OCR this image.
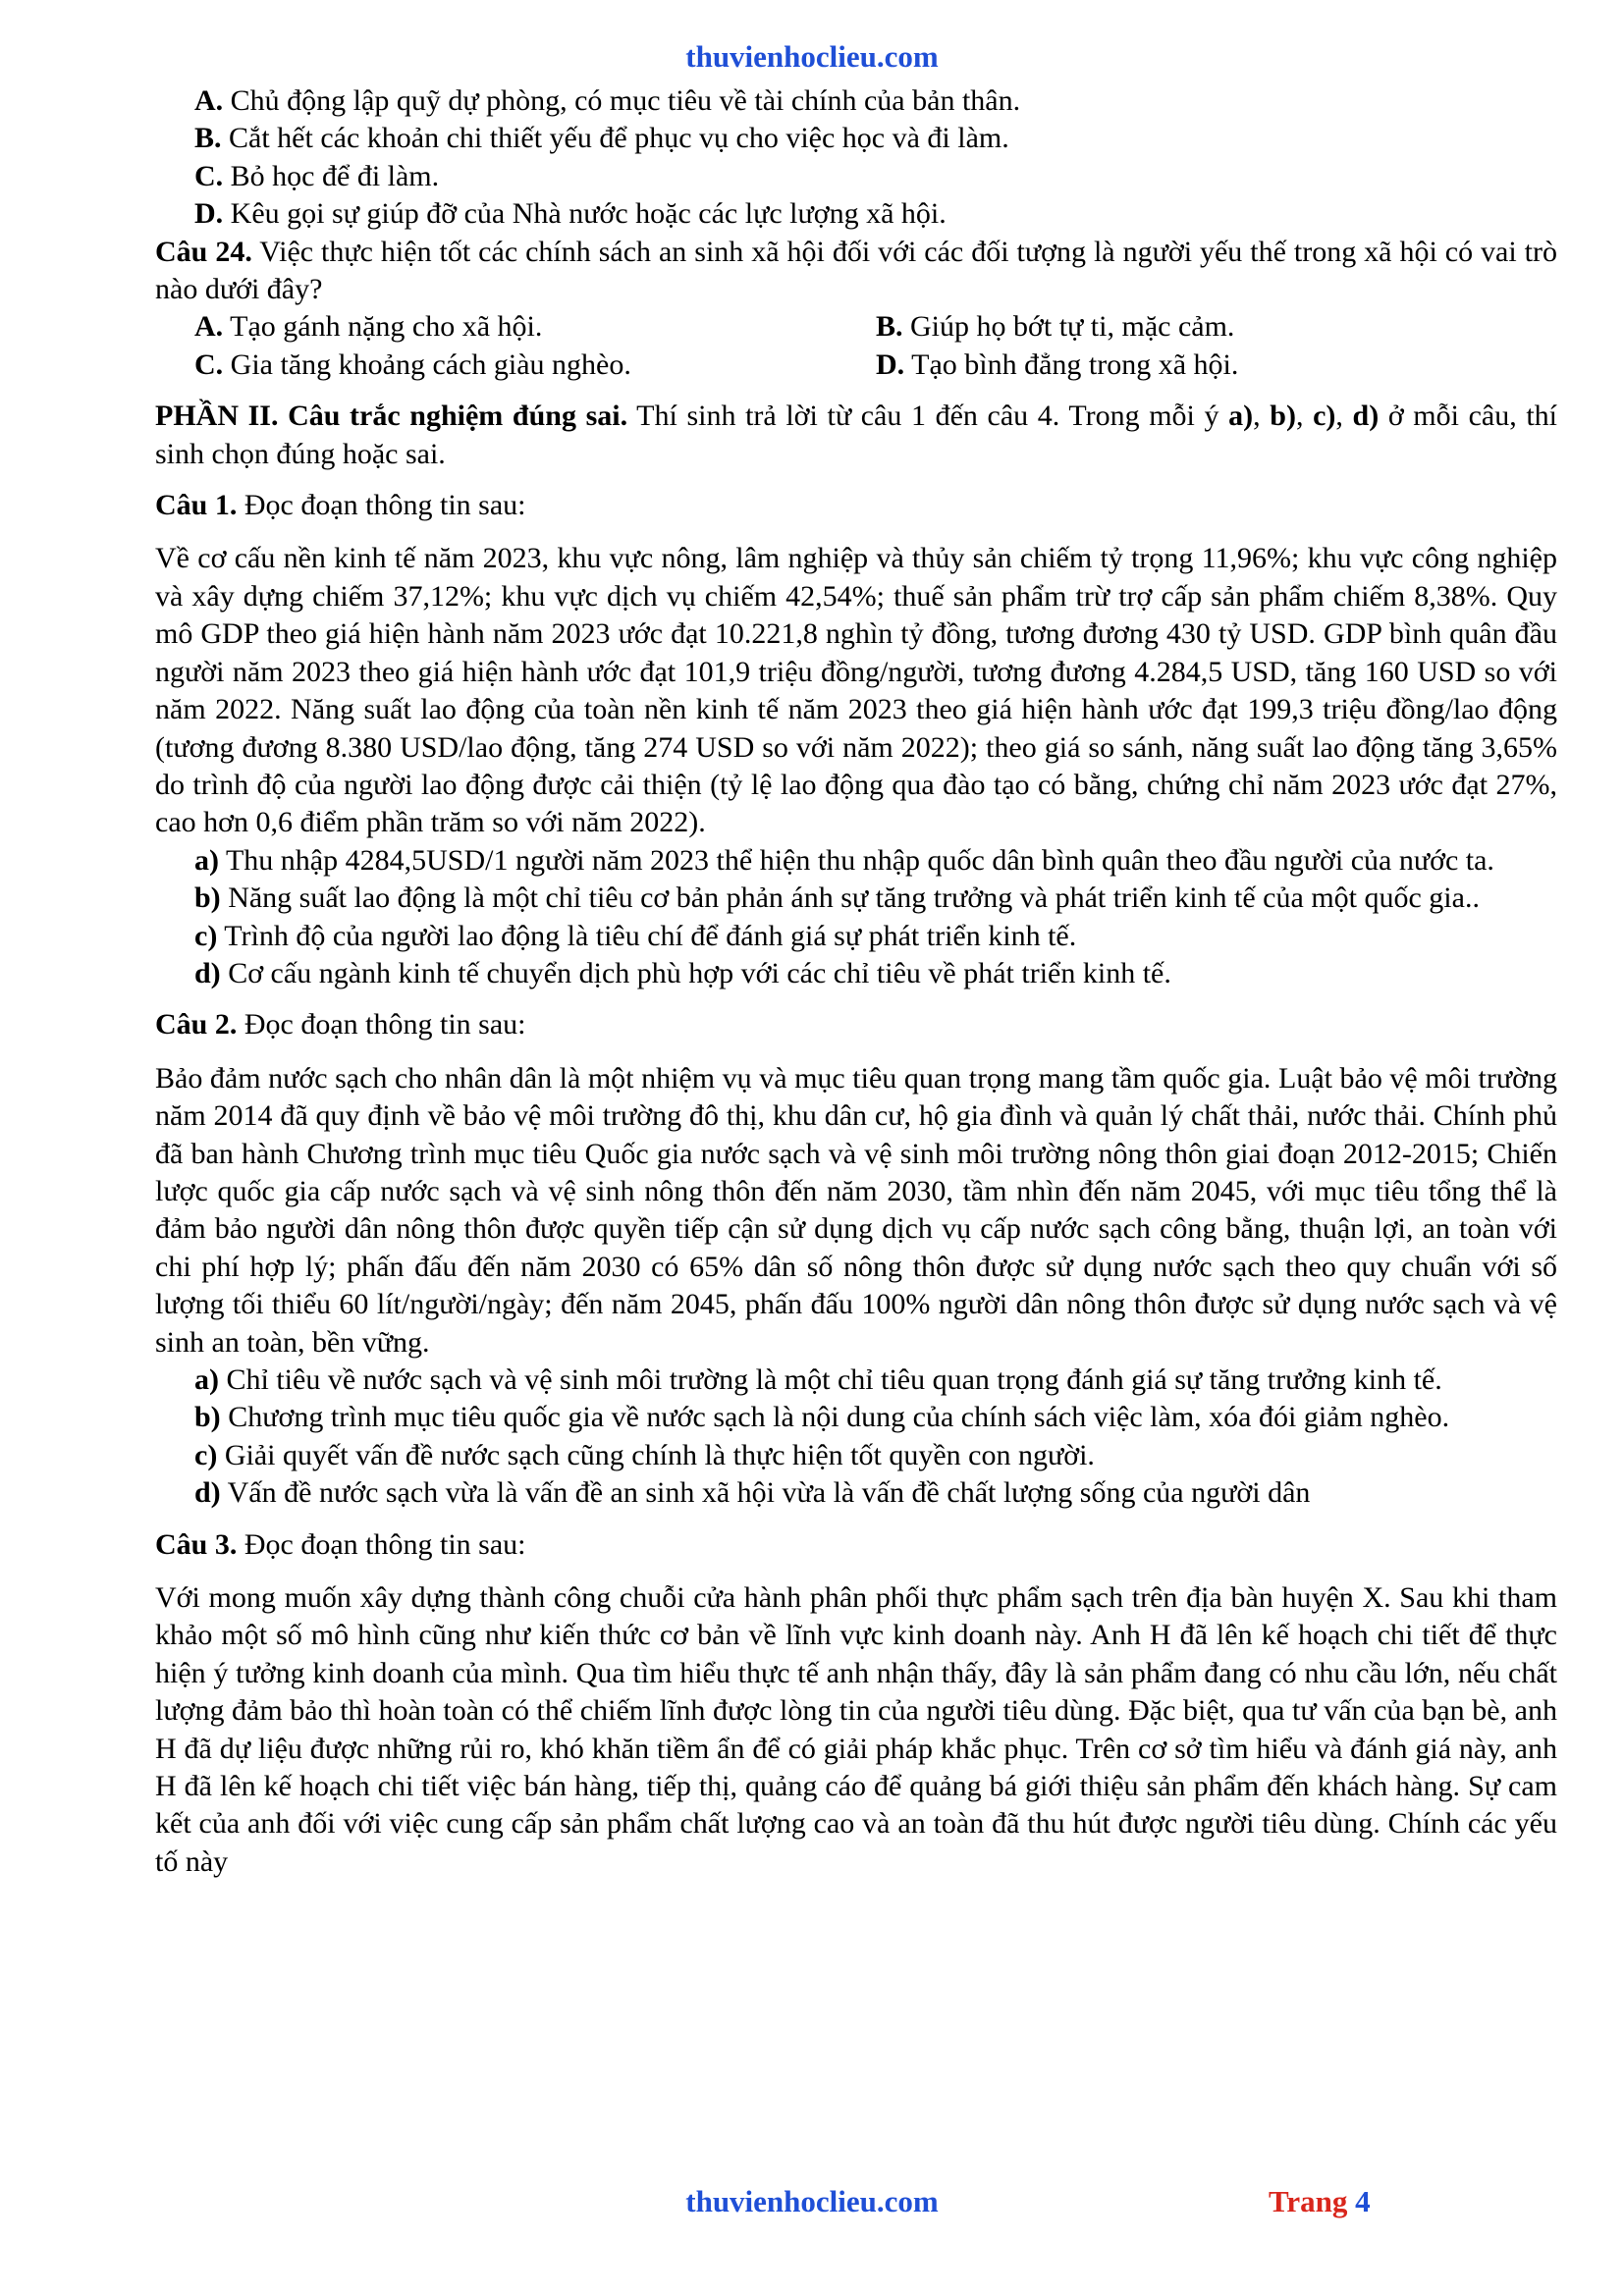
thuvienhoclieu.com

A. Chủ động lập quỹ dự phòng, có mục tiêu về tài chính của bản thân.

B. Cắt hết các khoản chi thiết yếu để phục vụ cho việc học và đi làm.

C. Bỏ học để đi làm.

D. Kêu gọi sự giúp đỡ của Nhà nước hoặc các lực lượng xã hội.

Câu 24. Việc thực hiện tốt các chính sách an sinh xã hội đối với các đối tượng là người yếu thế trong xã hội có vai trò nào dưới đây?

A. Tạo gánh nặng cho xã hội.	B. Giúp họ bớt tự ti, mặc cảm.
C. Gia tăng khoảng cách giàu nghèo.	D. Tạo bình đẳng trong xã hội.

PHẦN II. Câu trắc nghiệm đúng sai. Thí sinh trả lời từ câu 1 đến câu 4. Trong mỗi ý a), b), c), d) ở mỗi câu, thí sinh chọn đúng hoặc sai.

Câu 1. Đọc đoạn thông tin sau:

Về cơ cấu nền kinh tế năm 2023, khu vực nông, lâm nghiệp và thủy sản chiếm tỷ trọng 11,96%; khu vực công nghiệp và xây dựng chiếm 37,12%; khu vực dịch vụ chiếm 42,54%; thuế sản phẩm trừ trợ cấp sản phẩm chiếm 8,38%. Quy mô GDP theo giá hiện hành năm 2023 ước đạt 10.221,8 nghìn tỷ đồng, tương đương 430 tỷ USD. GDP bình quân đầu người năm 2023 theo giá hiện hành ước đạt 101,9 triệu đồng/người, tương đương 4.284,5 USD, tăng 160 USD so với năm 2022. Năng suất lao động của toàn nền kinh tế năm 2023 theo giá hiện hành ước đạt 199,3 triệu đồng/lao động (tương đương 8.380 USD/lao động, tăng 274 USD so với năm 2022); theo giá so sánh, năng suất lao động tăng 3,65% do trình độ của người lao động được cải thiện (tỷ lệ lao động qua đào tạo có bằng, chứng chỉ năm 2023 ước đạt 27%, cao hơn 0,6 điểm phần trăm so với năm 2022).

a) Thu nhập 4284,5USD/1 người năm 2023 thể hiện thu nhập quốc dân bình quân theo đầu người của nước ta.

b) Năng suất lao động là một chỉ tiêu cơ bản phản ánh sự tăng trưởng và phát triển kinh tế của một quốc gia..

c) Trình độ của người lao động là tiêu chí để đánh giá sự phát triển kinh tế.

d) Cơ cấu ngành kinh tế chuyển dịch phù hợp với các chỉ tiêu về phát triển kinh tế.

Câu 2. Đọc đoạn thông tin sau:

Bảo đảm nước sạch cho nhân dân là một nhiệm vụ và mục tiêu quan trọng mang tầm quốc gia. Luật bảo vệ môi trường năm 2014 đã quy định về bảo vệ môi trường đô thị, khu dân cư, hộ gia đình và quản lý chất thải, nước thải. Chính phủ đã ban hành Chương trình mục tiêu Quốc gia nước sạch và vệ sinh môi trường nông thôn giai đoạn 2012-2015; Chiến lược quốc gia cấp nước sạch và vệ sinh nông thôn đến năm 2030, tầm nhìn đến năm 2045, với mục tiêu tổng thể là đảm bảo người dân nông thôn được quyền tiếp cận sử dụng dịch vụ cấp nước sạch công bằng, thuận lợi, an toàn với chi phí hợp lý; phấn đấu đến năm 2030 có 65% dân số nông thôn được sử dụng nước sạch theo quy chuẩn với số lượng tối thiểu 60 lít/người/ngày; đến năm 2045, phấn đấu 100% người dân nông thôn được sử dụng nước sạch và vệ sinh an toàn, bền vững.

a) Chỉ tiêu về nước sạch và vệ sinh môi trường là một chỉ tiêu quan trọng đánh giá sự tăng trưởng kinh tế.

b) Chương trình mục tiêu quốc gia về nước sạch là nội dung của chính sách việc làm, xóa đói giảm nghèo.

c) Giải quyết vấn đề nước sạch cũng chính là thực hiện tốt quyền con người.

d) Vấn đề nước sạch vừa là vấn đề an sinh xã hội vừa là vấn đề chất lượng sống của người dân

Câu 3. Đọc đoạn thông tin sau:

Với mong muốn xây dựng thành công chuỗi cửa hành phân phối thực phẩm sạch trên địa bàn huyện X. Sau khi tham khảo một số mô hình cũng như kiến thức cơ bản về lĩnh vực kinh doanh này. Anh H đã lên kế hoạch chi tiết để thực hiện ý tưởng kinh doanh của mình. Qua tìm hiểu thực tế anh nhận thấy, đây là sản phẩm đang có nhu cầu lớn, nếu chất lượng đảm bảo thì hoàn toàn có thể chiếm lĩnh được lòng tin của người tiêu dùng. Đặc biệt, qua tư vấn của bạn bè, anh H đã dự liệu được những rủi ro, khó khăn tiềm ẩn để có giải pháp khắc phục. Trên cơ sở tìm hiểu và đánh giá này, anh H đã lên kế hoạch chi tiết việc bán hàng, tiếp thị, quảng cáo để quảng bá giới thiệu sản phẩm đến khách hàng. Sự cam kết của anh đối với việc cung cấp sản phẩm chất lượng cao và an toàn đã thu hút được người tiêu dùng. Chính các yếu tố này

thuvienhoclieu.com	Trang 4
